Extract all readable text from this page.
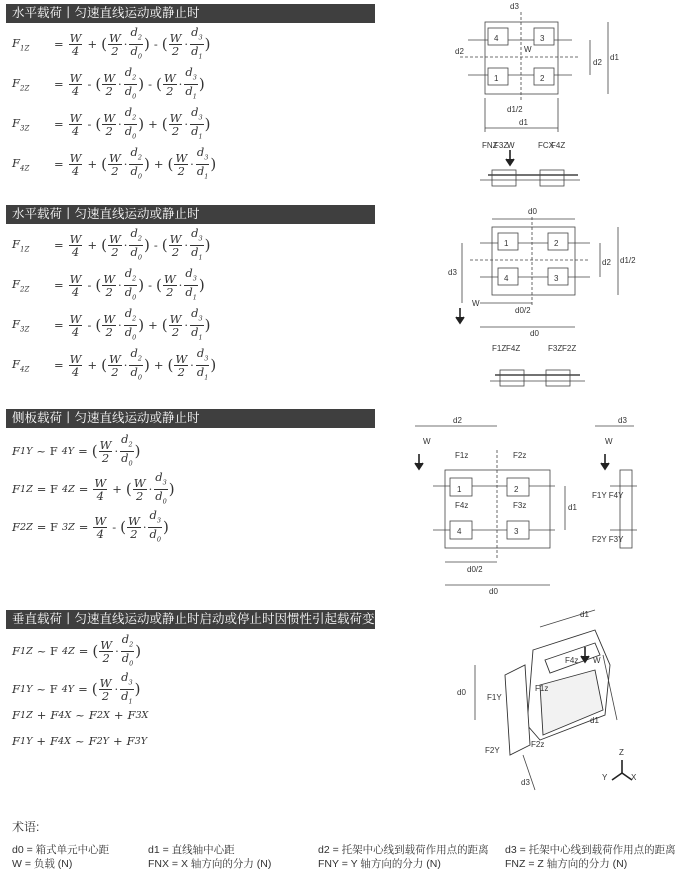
水平载荷丨匀速直线运动或静止时
$F_{1Z}$	= $\frac{W}{4}$ + ( $\frac{W}{2} \cdot \frac{d_2}{d_0}$ ) - ( $\frac{W}{2} \cdot \frac{d_3}{d_1}$ )
$F_{2Z}$	= $\frac{W}{4}$ - ( $\frac{W}{2} \cdot \frac{d_2}{d_0}$ ) - ( $\frac{W}{2} \cdot \frac{d_3}{d_1}$ )
$F_{3Z}$	= $\frac{W}{4}$ - ( $\frac{W}{2} \cdot \frac{d_2}{d_0}$ ) + ( $\frac{W}{2} \cdot \frac{d_3}{d_1}$ )
$F_{4Z}$	= $\frac{W}{4}$ + ( $\frac{W}{2} \cdot \frac{d_2}{d_0}$ ) + ( $\frac{W}{2} \cdot \frac{d_3}{d_1}$ )
水平载荷丨匀速直线运动或静止时
$F_{1Z}$	= $\frac{W}{4}$ + ( $\frac{W}{2} \cdot \frac{d_2}{d_0}$ ) - ( $\frac{W}{2} \cdot \frac{d_3}{d_1}$ )
$F_{2Z}$	= $\frac{W}{4}$ - ( $\frac{W}{2} \cdot \frac{d_2}{d_0}$ ) - ( $\frac{W}{2} \cdot \frac{d_3}{d_1}$ )
$F_{3Z}$	= $\frac{W}{4}$ - ( $\frac{W}{2} \cdot \frac{d_2}{d_0}$ ) + ( $\frac{W}{2} \cdot \frac{d_3}{d_1}$ )
$F_{4Z}$	= $\frac{W}{4}$ + ( $\frac{W}{2} \cdot \frac{d_2}{d_0}$ ) + ( $\frac{W}{2} \cdot \frac{d_3}{d_1}$ )
侧板载荷丨匀速直线运动或静止时
F 1Y ~ F 4Y = ( $\frac{W}{2} \cdot \frac{d_2}{d_0}$ )
F 1Z = F $4Z = \frac{W}{4}$ + ( $\frac{W}{2} \cdot \frac{d_3}{d_0}$ )
F 2Z = F $3Z = \frac{W}{4}$ - ( $\frac{W}{2} \cdot \frac{d_3}{d_0}$ )
垂直载荷丨匀速直线运动或静止时启动或停止时因惯性引起载荷变化
F 1Z ~ F 4Z = ( $\frac{W}{2} \cdot \frac{d_2}{d_0}$ )
F 1Y ~ F 4Y = ( $\frac{W}{2} \cdot \frac{d_3}{d_1}$ )
F 1Z + F 4X ~ F 2X + F 3X
F 1Y + F 4X ~ F 2Y + F 3Y
4	3
1	2
d3
d2
d1/2
d1
d2
d1
W
FNZ
F3Z
W	FCX
F4Z
1	2
4	3
d0
d3
d2 d1/2
d0/2
d0
W
F1Z F4Z	F3Z F2Z
1	2
4	3
d2
W
F1z	F2z
F4z	F3z	d1
d0/2
d0
d3
W
F1Y F4Y
F2Y F3Y
d1
W
F4z
F1Y
F1z
d0
F2Y
F2z
d1
d3
Z
Y	X
术语:
d0 = 箱式单元中心距	d1 = 直线轴中心距	d2 = 托架中心线到载荷作用点的距离 d3 = 托架中心线到载荷作用点的距离
W = 负载 (N)	FNX = X 轴方向的分力 (N)	FNY = Y 轴方向的分力 (N)	FNZ = Z 轴方向的分力 (N)
